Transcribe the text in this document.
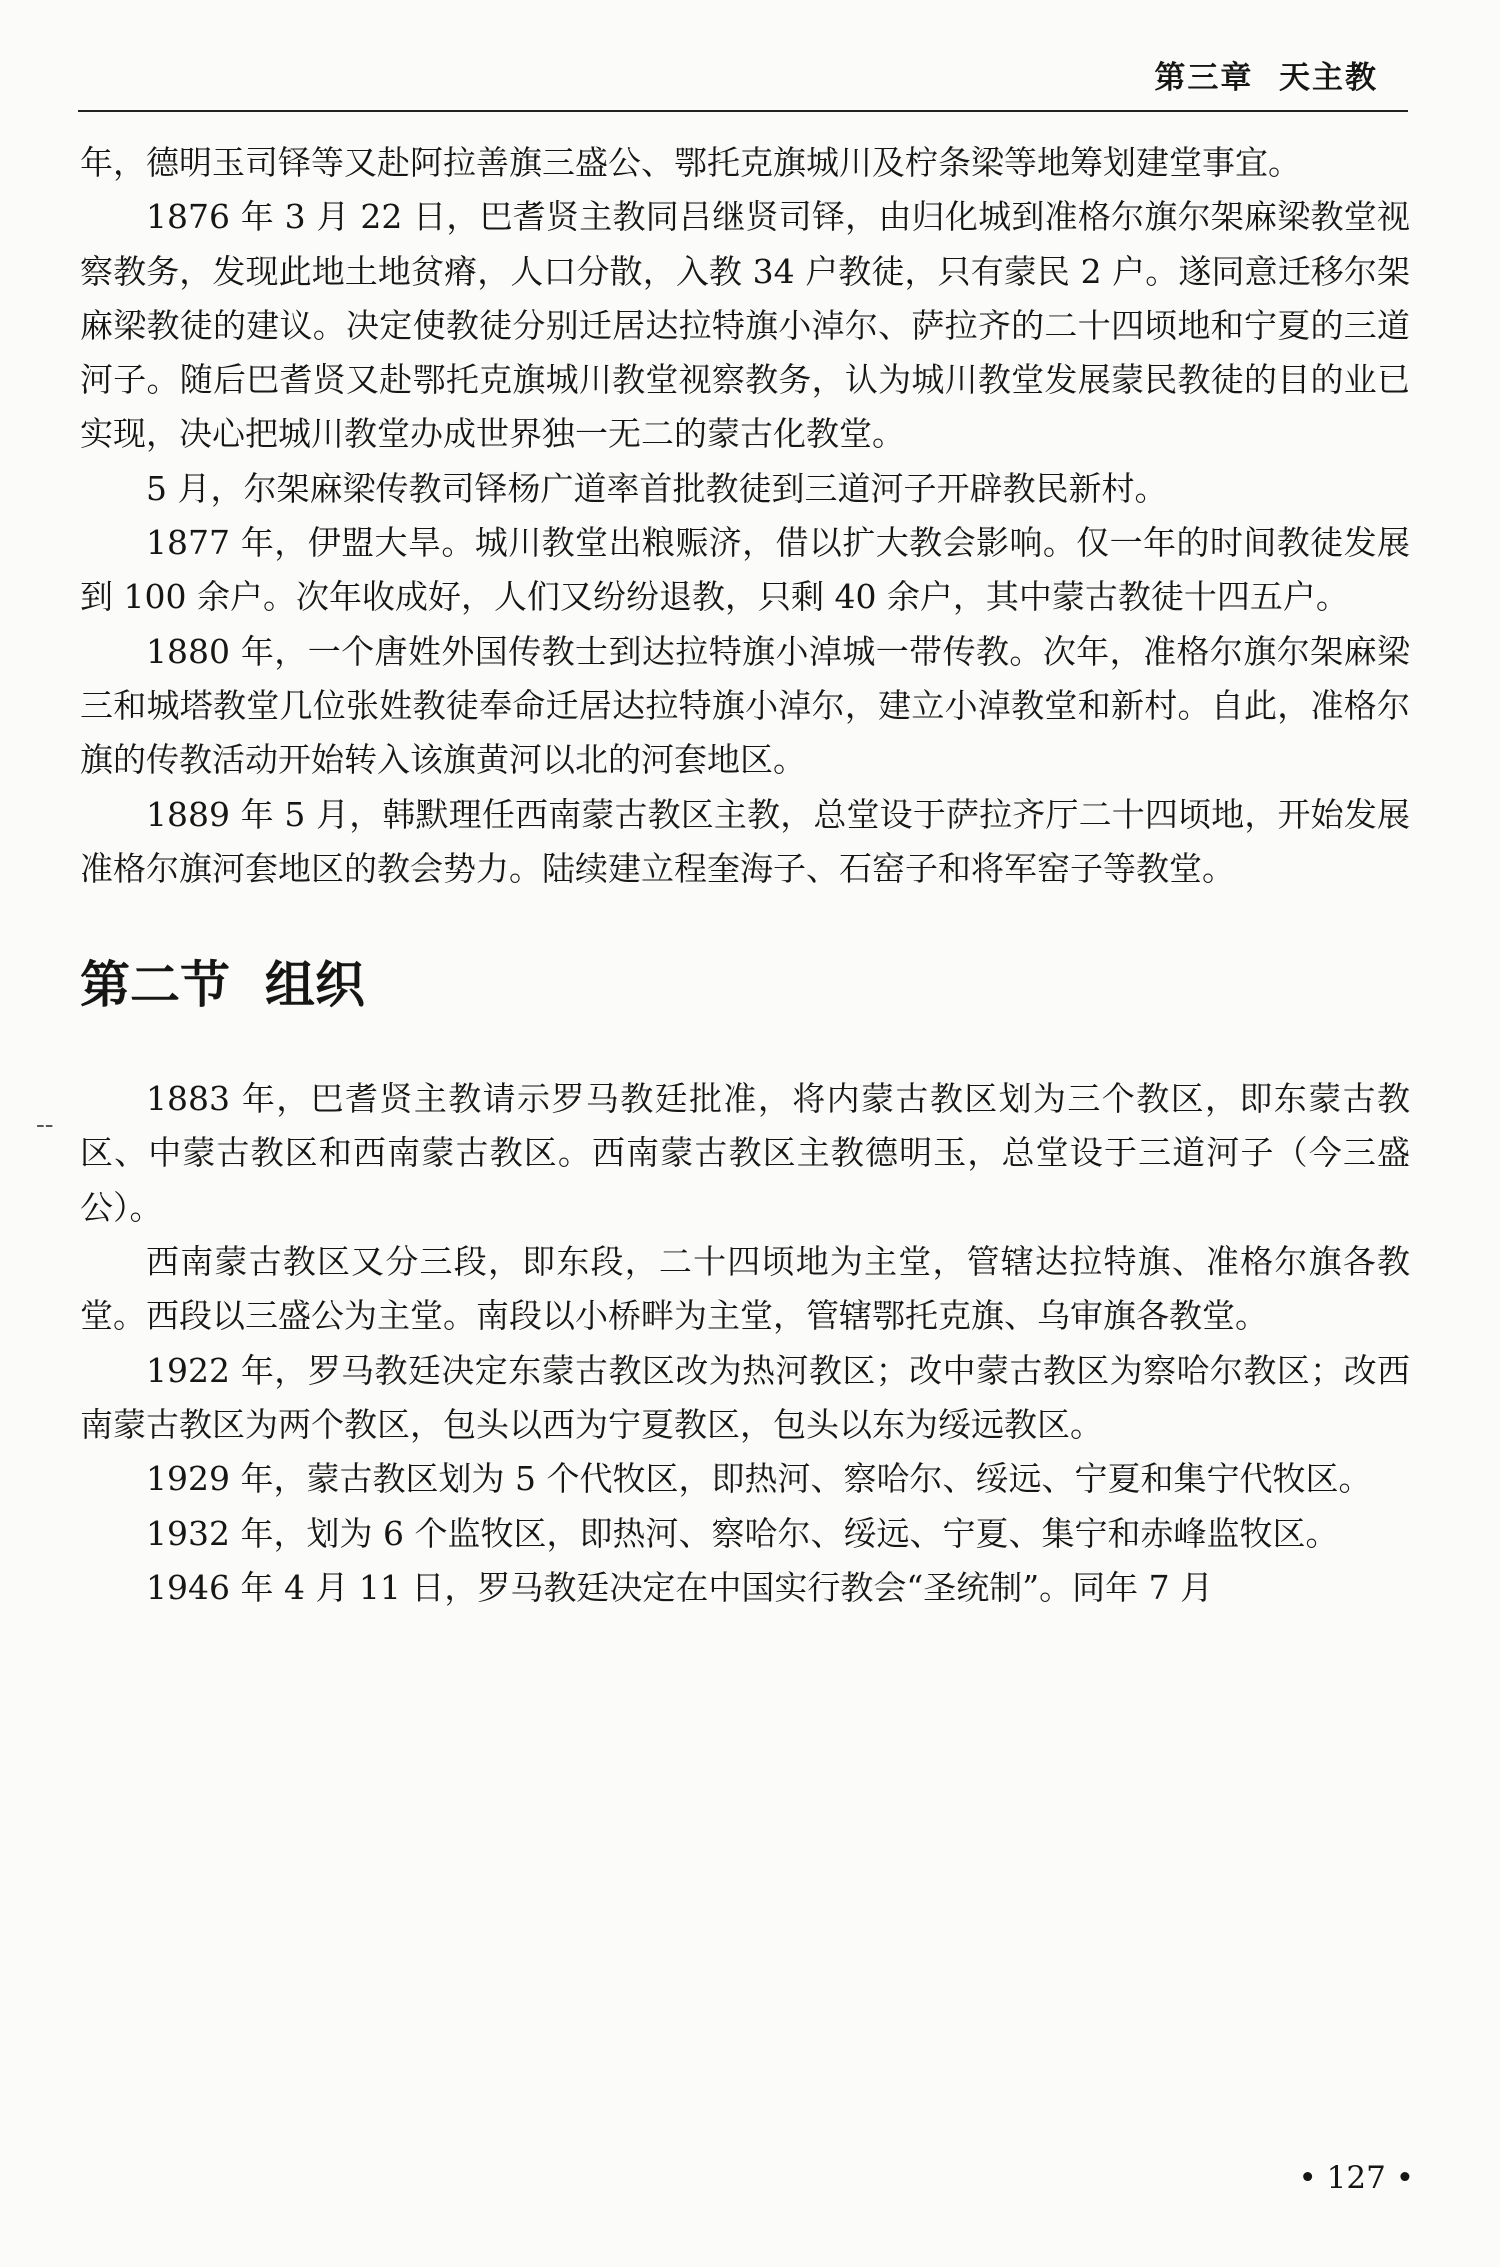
第三章  天主教
--

年，德明玉司铎等又赴阿拉善旗三盛公、鄂托克旗城川及柠条梁等地筹划建堂事宜。

1876 年 3 月 22 日，巴耆贤主教同吕继贤司铎，由归化城到准格尔旗尔架麻梁教堂视察教务，发现此地土地贫瘠，人口分散，入教 34 户教徒，只有蒙民 2 户。遂同意迁移尔架麻梁教徒的建议。决定使教徒分别迁居达拉特旗小淖尔、萨拉齐的二十四顷地和宁夏的三道河子。随后巴耆贤又赴鄂托克旗城川教堂视察教务，认为城川教堂发展蒙民教徒的目的业已实现，决心把城川教堂办成世界独一无二的蒙古化教堂。

5 月，尔架麻梁传教司铎杨广道率首批教徒到三道河子开辟教民新村。

1877 年，伊盟大旱。城川教堂出粮赈济，借以扩大教会影响。仅一年的时间教徒发展到 100 余户。次年收成好，人们又纷纷退教，只剩 40 余户，其中蒙古教徒十四五户。

1880 年，一个唐姓外国传教士到达拉特旗小淖城一带传教。次年，准格尔旗尔架麻梁三和城塔教堂几位张姓教徒奉命迁居达拉特旗小淖尔，建立小淖教堂和新村。自此，准格尔旗的传教活动开始转入该旗黄河以北的河套地区。

1889 年 5 月，韩默理任西南蒙古教区主教，总堂设于萨拉齐厅二十四顷地，开始发展准格尔旗河套地区的教会势力。陆续建立程奎海子、石窑子和将军窑子等教堂。

第二节  组织

1883 年，巴耆贤主教请示罗马教廷批准，将内蒙古教区划为三个教区，即东蒙古教区、中蒙古教区和西南蒙古教区。西南蒙古教区主教德明玉，总堂设于三道河子（今三盛公）。

西南蒙古教区又分三段，即东段，二十四顷地为主堂，管辖达拉特旗、准格尔旗各教堂。西段以三盛公为主堂。南段以小桥畔为主堂，管辖鄂托克旗、乌审旗各教堂。

1922 年，罗马教廷决定东蒙古教区改为热河教区；改中蒙古教区为察哈尔教区；改西南蒙古教区为两个教区，包头以西为宁夏教区，包头以东为绥远教区。

1929 年，蒙古教区划为 5 个代牧区，即热河、察哈尔、绥远、宁夏和集宁代牧区。

1932 年，划为 6 个监牧区，即热河、察哈尔、绥远、宁夏、集宁和赤峰监牧区。

1946 年 4 月 11 日，罗马教廷决定在中国实行教会“圣统制”。同年 7 月

• 127 •
